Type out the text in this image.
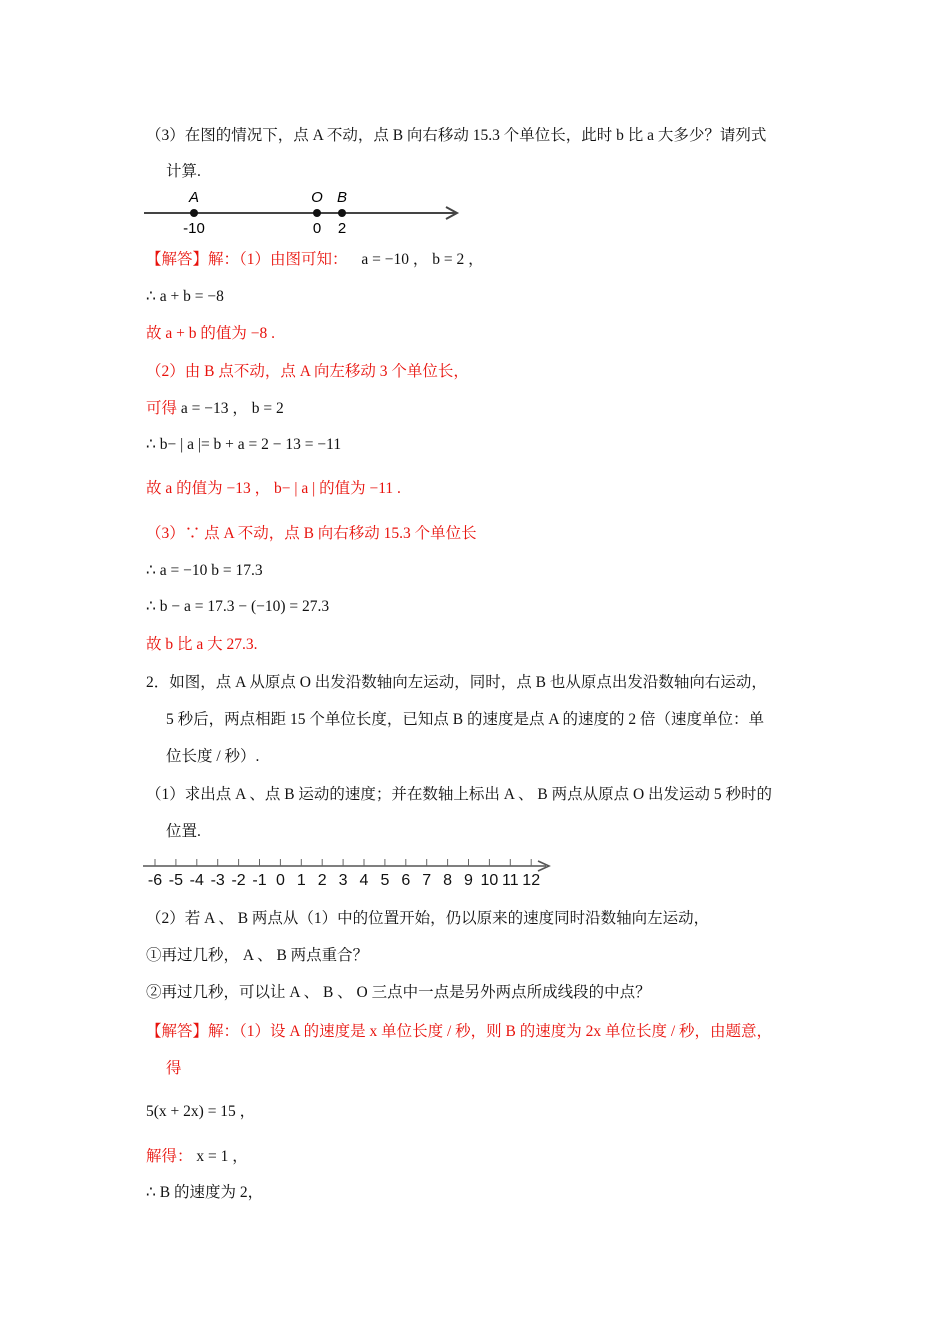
（3）在图的情况下，点 A 不动，点 B 向右移动 15.3 个单位长，此时 b 比 a 大多少？请列式
计算.
A	O B
-10	0 2
【解答】解：（1）由图可知： a = −10 ， b = 2 ，
∴ a + b = −8
故 a + b 的值为 −8 .
（2）由 B 点不动，点 A 向左移动 3 个单位长，
可得 a = −13 ， b = 2
∴ b− | a |= b + a = 2 − 13 = −11
故 a 的值为 −13 ， b− | a | 的值为 −11 .
（3）∵ 点 A 不动，点 B 向右移动 15.3 个单位长
∴ a = −10 b = 17.3
∴ b − a = 17.3 − (−10) = 27.3
故 b 比 a 大 27.3.
2．如图，点 A 从原点 O 出发沿数轴向左运动，同时，点 B 也从原点出发沿数轴向右运动，
5 秒后，两点相距 15 个单位长度，已知点 B 的速度是点 A 的速度的 2 倍（速度单位：单
位长度 / 秒）.
（1）求出点 A 、点 B 运动的速度；并在数轴上标出 A 、 B 两点从原点 O 出发运动 5 秒时的
位置.
-6 -5 -4 -3 -2 -1 0 1 2 3 4 5 6 7 8 9 10 11 12
（2）若 A 、 B 两点从（1）中的位置开始，仍以原来的速度同时沿数轴向左运动，
①再过几秒， A 、 B 两点重合？
②再过几秒，可以让 A 、 B 、 O 三点中一点是另外两点所成线段的中点？
【解答】解：（1）设 A 的速度是 x 单位长度 / 秒，则 B 的速度为 2x 单位长度 / 秒，由题意，
得
5(x + 2x) = 15 ，
解得： x = 1 ，
∴ B 的速度为 2，
